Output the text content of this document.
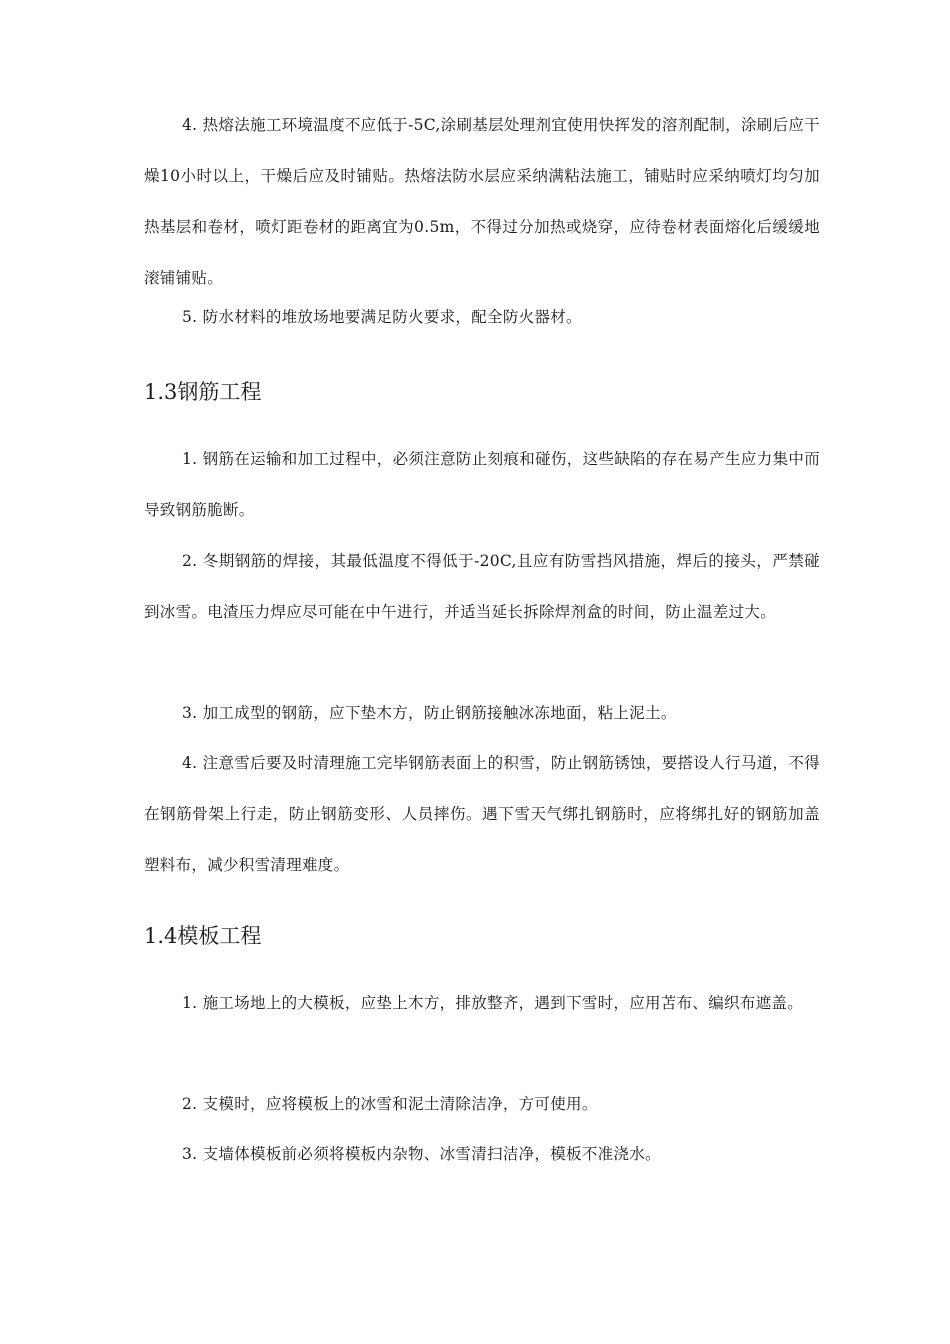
4. 热熔法施工环境温度不应低于-5C,涂刷基层处理剂宜使用快挥发的溶剂配制，涂刷后应干燥10小时以上，干燥后应及时铺贴。热熔法防水层应采纳满粘法施工，铺贴时应采纳喷灯均匀加热基层和卷材，喷灯距卷材的距离宜为0.5m，不得过分加热或烧穿，应待卷材表面熔化后缓缓地滚铺铺贴。

5. 防水材料的堆放场地要满足防火要求，配全防火器材。

1.3钢筋工程

1. 钢筋在运输和加工过程中，必须注意防止刻痕和碰伤，这些缺陷的存在易产生应力集中而导致钢筋脆断。

2. 冬期钢筋的焊接，其最低温度不得低于-20C,且应有防雪挡风措施，焊后的接头，严禁碰到冰雪。电渣压力焊应尽可能在中午进行，并适当延长拆除焊剂盒的时间，防止温差过大。

3. 加工成型的钢筋，应下垫木方，防止钢筋接触冰冻地面，粘上泥土。

4. 注意雪后要及时清理施工完毕钢筋表面上的积雪，防止钢筋锈蚀，要搭设人行马道，不得在钢筋骨架上行走，防止钢筋变形、人员摔伤。遇下雪天气绑扎钢筋时，应将绑扎好的钢筋加盖塑料布，减少积雪清理难度。

1.4模板工程

1. 施工场地上的大模板，应垫上木方，排放整齐，遇到下雪时，应用苫布、编织布遮盖。

2. 支模时，应将模板上的冰雪和泥土清除洁净，方可使用。

3. 支墙体模板前必须将模板内杂物、冰雪清扫洁净，模板不准浇水。
